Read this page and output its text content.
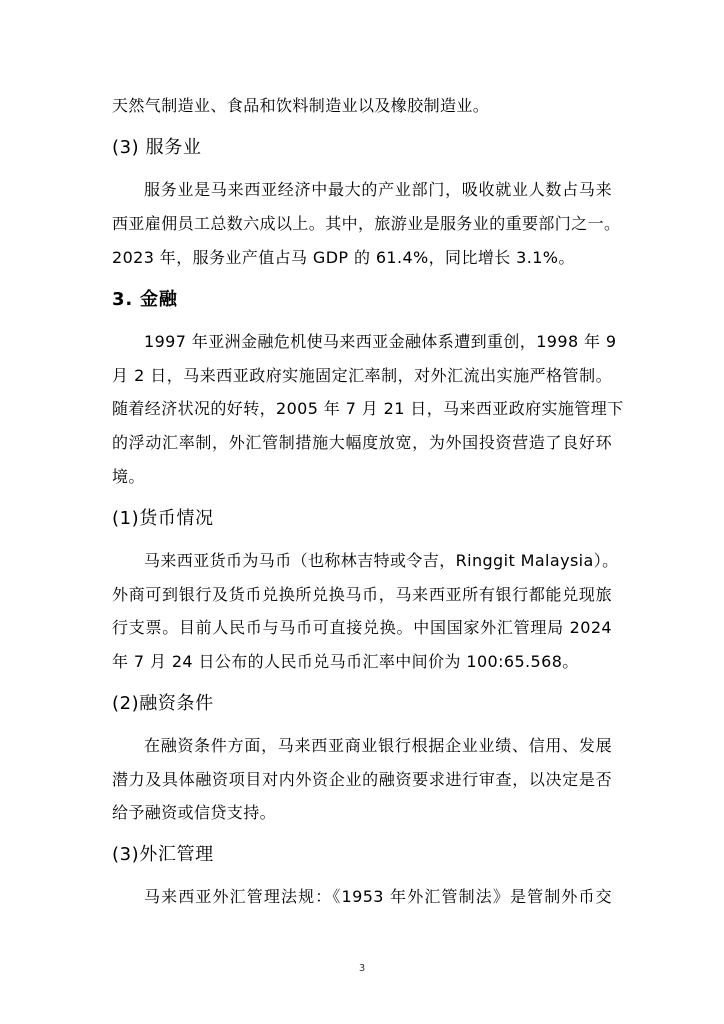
天然气制造业、食品和饮料制造业以及橡胶制造业。
(3) 服务业
服务业是马来西亚经济中最大的产业部门，吸收就业人数占马来
西亚雇佣员工总数六成以上。其中，旅游业是服务业的重要部门之一。
2023 年，服务业产值占马 GDP 的 61.4%，同比增长 3.1%。
3. 金融
1997 年亚洲金融危机使马来西亚金融体系遭到重创，1998 年 9
月 2 日，马来西亚政府实施固定汇率制，对外汇流出实施严格管制。
随着经济状况的好转，2005 年 7 月 21 日，马来西亚政府实施管理下
的浮动汇率制，外汇管制措施大幅度放宽，为外国投资营造了良好环
境。
(1)货币情况
马来西亚货币为马币（也称林吉特或令吉，Ringgit Malaysia）。
外商可到银行及货币兑换所兑换马币，马来西亚所有银行都能兑现旅
行支票。目前人民币与马币可直接兑换。中国国家外汇管理局 2024
年 7 月 24 日公布的人民币兑马币汇率中间价为 100:65.568。
(2)融资条件
在融资条件方面，马来西亚商业银行根据企业业绩、信用、发展
潜力及具体融资项目对内外资企业的融资要求进行审查，以决定是否
给予融资或信贷支持。
(3)外汇管理
马来西亚外汇管理法规：《1953 年外汇管制法》是管制外币交
3
